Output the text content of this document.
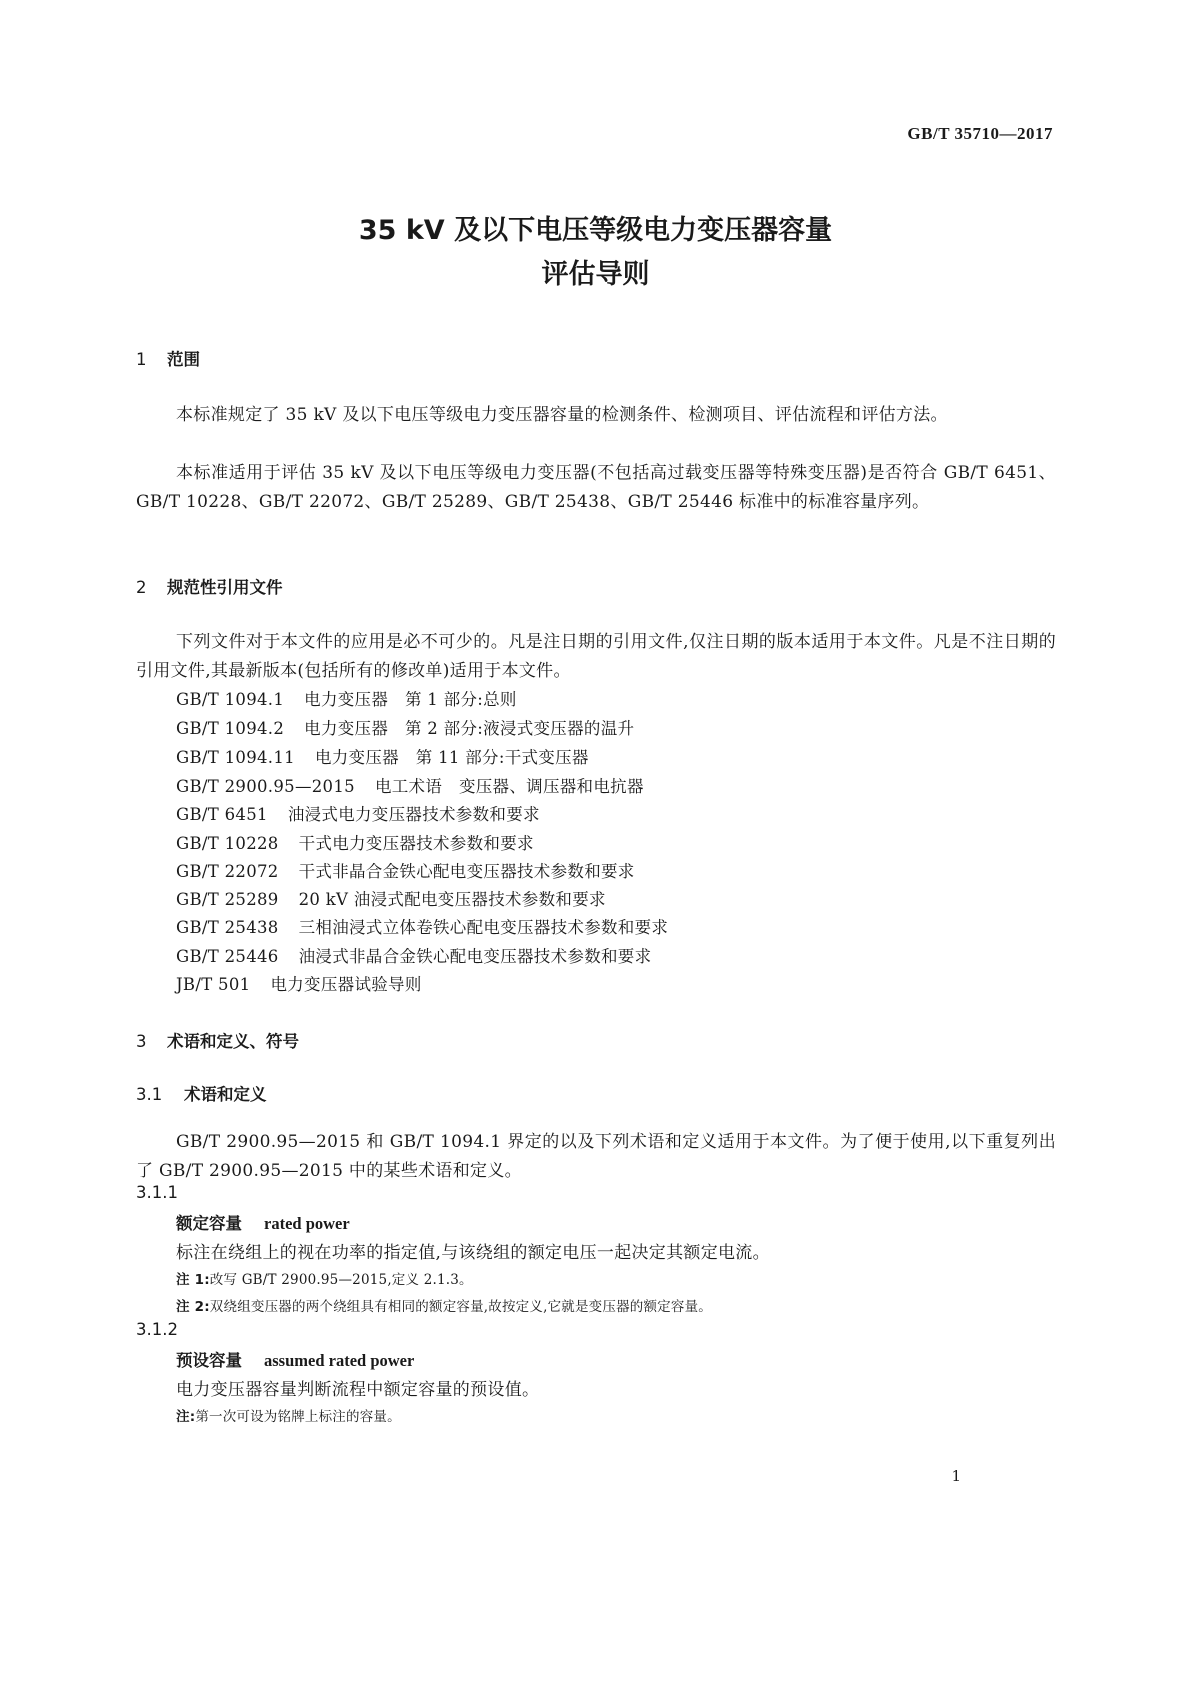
GB/T 35710—2017
35 kV 及以下电压等级电力变压器容量
评估导则
1 范围
本标准规定了 35 kV 及以下电压等级电力变压器容量的检测条件、检测项目、评估流程和评估方法。
本标准适用于评估 35 kV 及以下电压等级电力变压器(不包括高过载变压器等特殊变压器)是否符合 GB/T 6451、GB/T 10228、GB/T 22072、GB/T 25289、GB/T 25438、GB/T 25446 标准中的标准容量序列。
2 规范性引用文件
下列文件对于本文件的应用是必不可少的。凡是注日期的引用文件,仅注日期的版本适用于本文件。凡是不注日期的引用文件,其最新版本(包括所有的修改单)适用于本文件。
GB/T 1094.1 电力变压器　第 1 部分:总则
GB/T 1094.2 电力变压器　第 2 部分:液浸式变压器的温升
GB/T 1094.11 电力变压器　第 11 部分:干式变压器
GB/T 2900.95—2015 电工术语　变压器、调压器和电抗器
GB/T 6451 油浸式电力变压器技术参数和要求
GB/T 10228 干式电力变压器技术参数和要求
GB/T 22072 干式非晶合金铁心配电变压器技术参数和要求
GB/T 25289 20 kV 油浸式配电变压器技术参数和要求
GB/T 25438 三相油浸式立体卷铁心配电变压器技术参数和要求
GB/T 25446 油浸式非晶合金铁心配电变压器技术参数和要求
JB/T 501 电力变压器试验导则
3 术语和定义、符号
3.1 术语和定义
GB/T 2900.95—2015 和 GB/T 1094.1 界定的以及下列术语和定义适用于本文件。为了便于使用,以下重复列出了 GB/T 2900.95—2015 中的某些术语和定义。
3.1.1
额定容量 rated power
标注在绕组上的视在功率的指定值,与该绕组的额定电压一起决定其额定电流。
注 1:改写 GB/T 2900.95—2015,定义 2.1.3。
注 2:双绕组变压器的两个绕组具有相同的额定容量,故按定义,它就是变压器的额定容量。
3.1.2
预设容量 assumed rated power
电力变压器容量判断流程中额定容量的预设值。
注:第一次可设为铭牌上标注的容量。
1
